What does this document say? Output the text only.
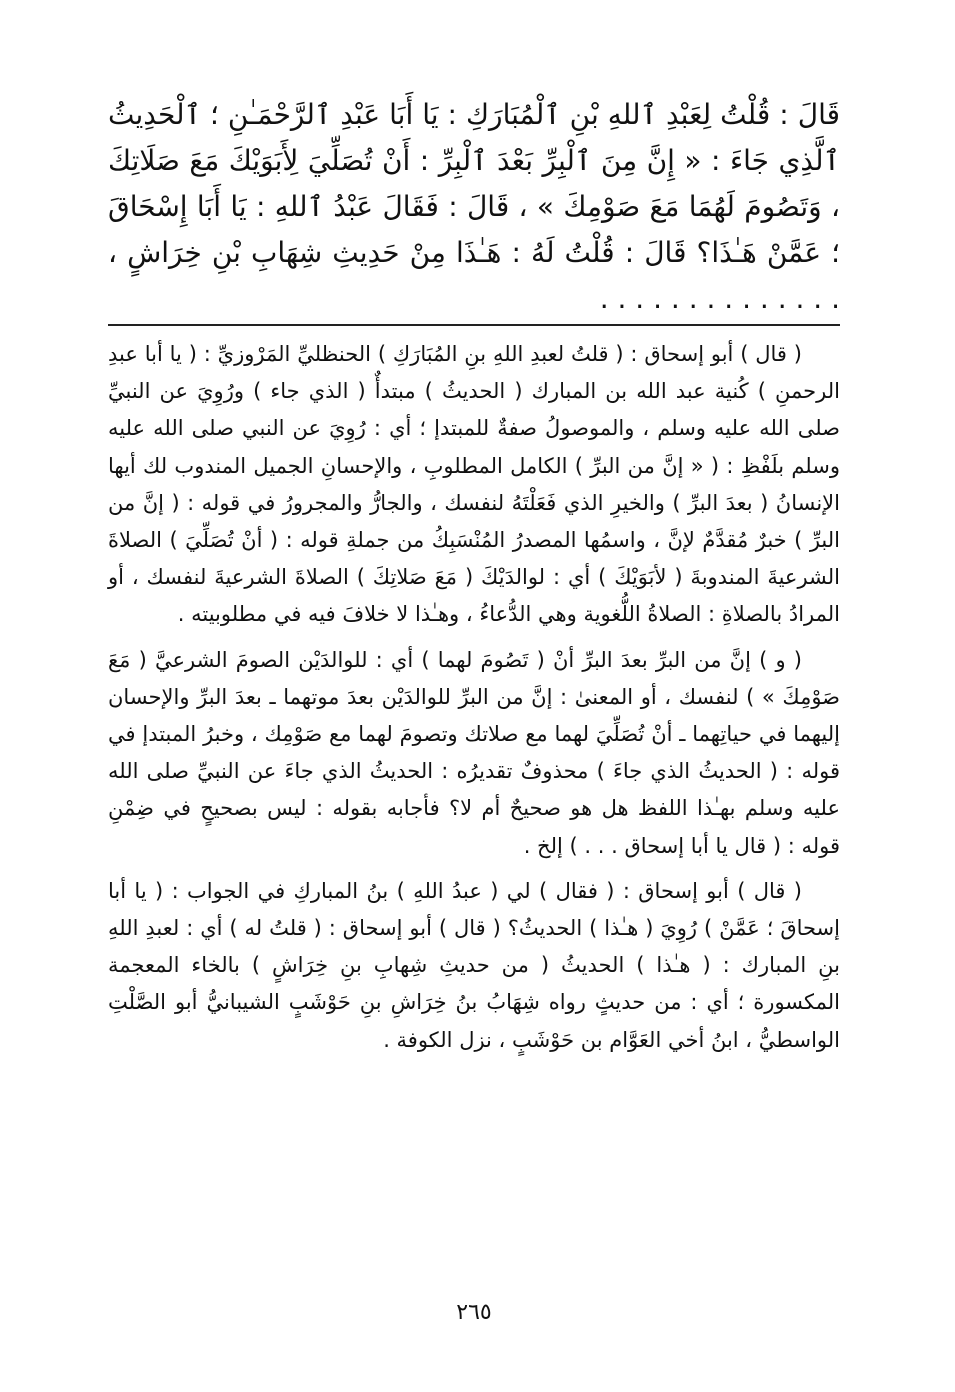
قَالَ : قُلْتُ لِعَبْدِ ٱللهِ بْنِ ٱلْمُبَارَكِ : يَا أَبَا عَبْدِ ٱلرَّحْمَـٰنِ ؛ ٱلْحَدِيثُ ٱلَّذِي جَاءَ : « إِنَّ مِنَ ٱلْبِرِّ بَعْدَ ٱلْبِرِّ : أَنْ تُصَلِّيَ لِأَبَوَيْكَ مَعَ صَلَاتِكَ ، وَتَصُومَ لَهُمَا مَعَ صَوْمِكَ » ، قَالَ : فَقَالَ عَبْدُ ٱللهِ : يَا أَبَا إِسْحَاقَ ؛ عَمَّنْ هَـٰذَا؟ قَالَ : قُلْتُ لَهُ : هَـٰذَا مِنْ حَدِيثِ شِهَابِ بْنِ خِرَاشٍ ، . . . . . . . . . . . . . .

( قال ) أبو إسحاق : ( قلتُ لعبدِ اللهِ بنِ المُبَارَكِ ) الحنظليِّ المَرْوزيِّ : ( يا أبا عبدِ الرحمنِ ) كُنية عبد الله بن المبارك ( الحديثُ ) مبتدأٌ ( الذي جاء ) ورُوِيَ عن النبيِّ صلى الله عليه وسلم ، والموصولُ صفةٌ للمبتدإ ؛ أي : رُوِيَ عن النبي صلى الله عليه وسلم بلَفْظِ : ( « إنَّ من البرِّ ) الكامل المطلوبِ ، والإحسانِ الجميل المندوب لك أيها الإنسانُ ( بعدَ البرِّ ) والخيرِ الذي فَعَلْتَهُ لنفسك ، والجارُّ والمجرورُ في قوله : ( إنَّ من البرِّ ) خبرٌ مُقدَّمٌ لإنَّ ، واسمُها المصدرُ المُنْسَبِكُ من جملةِ قوله : ( أنْ تُصَلِّيَ ) الصلاةَ الشرعيةَ المندوبةَ ( لأبَوَيْكَ ) أي : لوالدَيْكَ ( مَعَ صَلاتِكَ ) الصلاةَ الشرعيةَ لنفسك ، أو المرادُ بالصلاةِ : الصلاةُ اللُّغوية وهي الدُّعاءُ ، وهـٰذا لا خلافَ فيه في مطلوبيته .

( و ) إنَّ من البرِّ بعدَ البرِّ أنْ ( تَصُومَ لهما ) أي : للوالدَيْن الصومَ الشرعيَّ ( مَعَ صَوْمِكَ » ) لنفسك ، أو المعنىٰ : إنَّ من البرِّ للوالدَيْن بعدَ موتهما ـ بعدَ البرِّ والإحسان إليهما في حياتِهما ـ أنْ تُصَلِّيَ لهما مع صلاتك وتصومَ لهما مع صَوْمِك ، وخبرُ المبتدإ في قوله : ( الحديثُ الذي جاءَ ) محذوفٌ تقديرُه : الحديثُ الذي جاءَ عن النبيِّ صلى الله عليه وسلم بهـٰذا اللفظ هل هو صحيحٌ أم لا؟ فأجابه بقوله : ليس بصحيحٍ في ضِمْنِ قوله : ( قال يا أبا إسحاق . . . ) إلخ .

( قال ) أبو إسحاق : ( فقال ) لي ( عبدُ اللهِ ) بنُ المباركِ في الجواب : ( يا أبا إسحاقَ ؛ عَمَّنْ ) رُوِيَ ( هـٰذا ) الحديثُ؟ ( قال ) أبو إسحاق : ( قلتُ له ) أي : لعبدِ اللهِ بنِ المبارك : ( هـٰذا ) الحديثُ ( من حديثِ شِهابِ بنِ خِرَاشٍ ) بالخاء المعجمة المكسورة ؛ أي : من حديثٍ رواه شِهَابُ بنُ خِرَاشِ بنِ حَوْشَبٍ الشيبانيُّ أبو الصَّلْتِ الواسطيُّ ، ابنُ أخي العَوَّام بن حَوْشَبٍ ، نزل الكوفة .

٢٦٥
